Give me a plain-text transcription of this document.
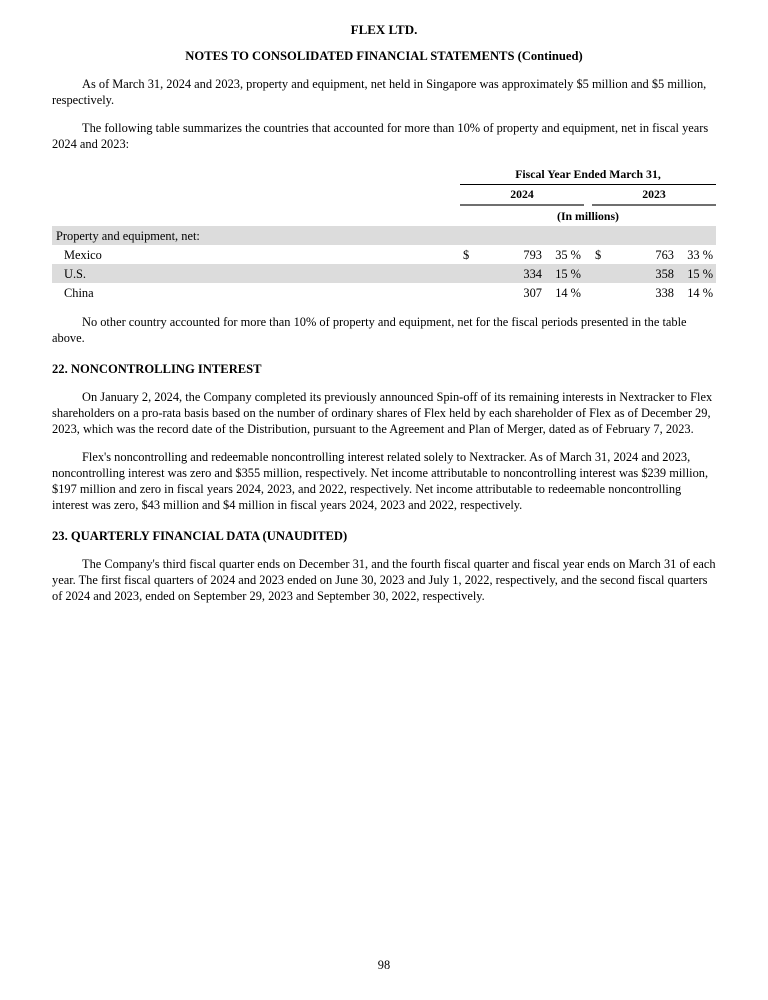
FLEX LTD.
NOTES TO CONSOLIDATED FINANCIAL STATEMENTS (Continued)

As of March 31, 2024 and 2023, property and equipment, net held in Singapore was approximately $5 million and $5 million, respectively.

The following table summarizes the countries that accounted for more than 10% of property and equipment, net in fiscal years 2024 and 2023:

	Fiscal Year Ended March 31,						
	2024				2023		
	(In millions)						
Property and equipment, net:							
Mexico	$	793	35 %		$	763	33 %
U.S.		334	15 %			358	15 %
China		307	14 %			338	14 %

No other country accounted for more than 10% of property and equipment, net for the fiscal periods presented in the table above.

22. NONCONTROLLING INTEREST

On January 2, 2024, the Company completed its previously announced Spin-off of its remaining interests in Nextracker to Flex shareholders on a pro-rata basis based on the number of ordinary shares of Flex held by each shareholder of Flex as of December 29, 2023, which was the record date of the Distribution, pursuant to the Agreement and Plan of Merger, dated as of February 7, 2023.

Flex's noncontrolling and redeemable noncontrolling interest related solely to Nextracker. As of March 31, 2024 and 2023, noncontrolling interest was zero and $355 million, respectively. Net income attributable to noncontrolling interest was $239 million, $197 million and zero in fiscal years 2024, 2023, and 2022, respectively. Net income attributable to redeemable noncontrolling interest was zero, $43 million and $4 million in fiscal years 2024, 2023 and 2022, respectively.

23. QUARTERLY FINANCIAL DATA (UNAUDITED)

The Company's third fiscal quarter ends on December 31, and the fourth fiscal quarter and fiscal year ends on March 31 of each year. The first fiscal quarters of 2024 and 2023 ended on June 30, 2023 and July 1, 2022, respectively, and the second fiscal quarters of 2024 and 2023, ended on September 29, 2023 and September 30, 2022, respectively.

98
